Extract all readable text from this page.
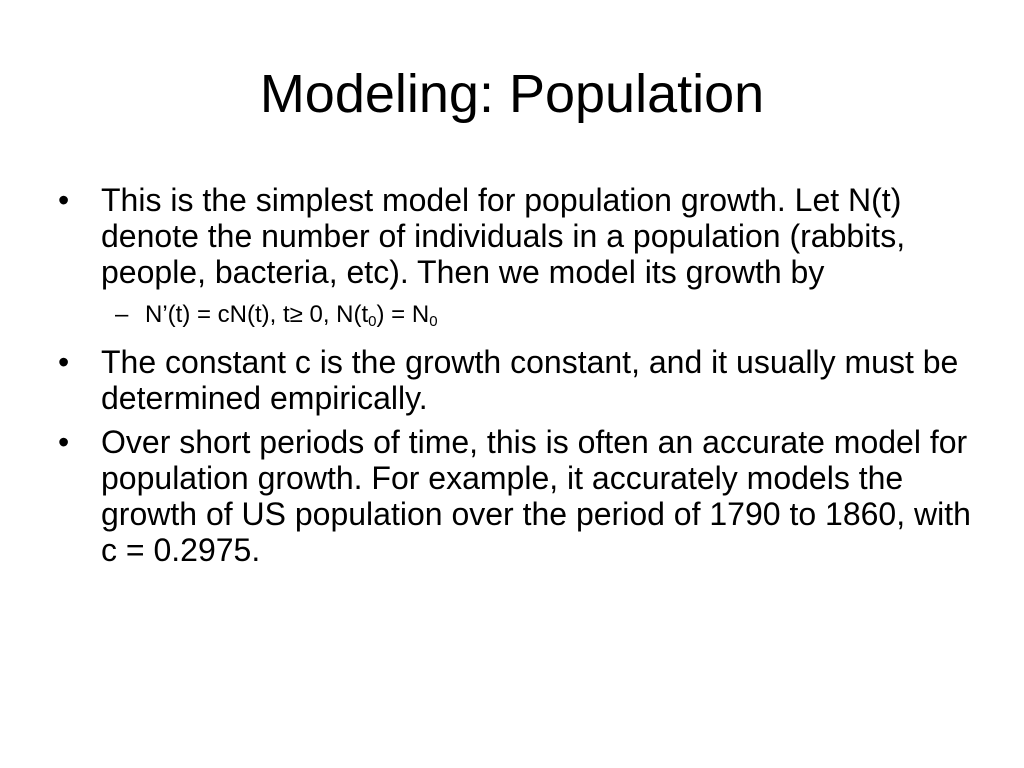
Modeling: Population
• This is the simplest model for population growth. Let N(t) denote the number of individuals in a population (rabbits, people, bacteria, etc). Then we model its growth by
– N’(t) = cN(t), t≥ 0, $N(t_0) = N_0$
• The constant c is the growth constant, and it usually must be determined empirically.
• Over short periods of time, this is often an accurate model for population growth. For example, it accurately models the growth of US population over the period of 1790 to 1860, with c = 0.2975.
